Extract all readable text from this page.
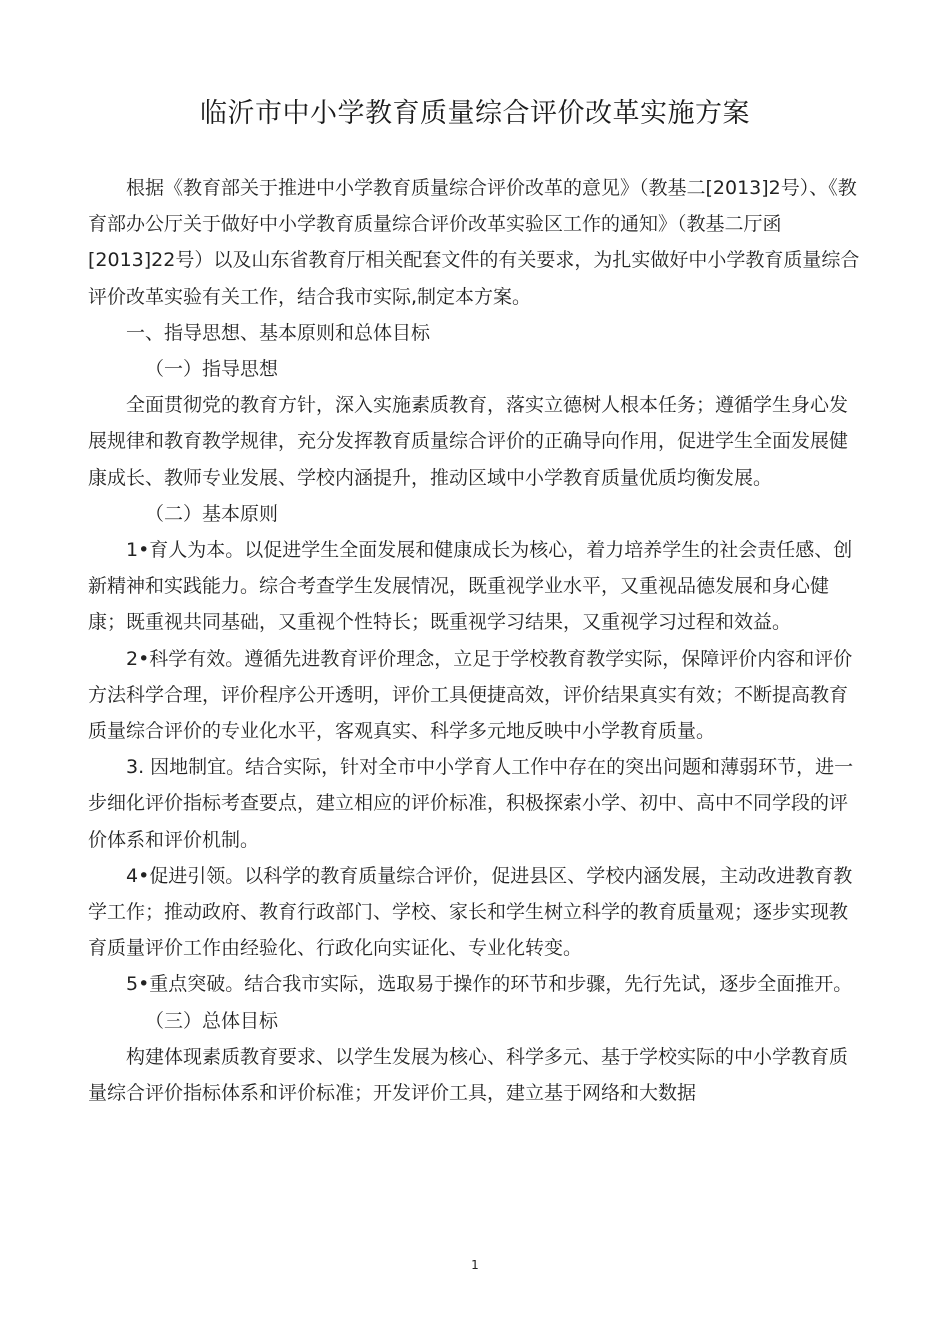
临沂市中小学教育质量综合评价改革实施方案

根据《教育部关于推进中小学教育质量综合评价改革的意见》（教基二[2013]2号）、《教育部办公厅关于做好中小学教育质量综合评价改革实验区工作的通知》（教基二厅函[2013]22号）以及山东省教育厅相关配套文件的有关要求，为扎实做好中小学教育质量综合评价改革实验有关工作，结合我市实际,制定本方案。

一、指导思想、基本原则和总体目标

（一）指导思想

全面贯彻党的教育方针，深入实施素质教育，落实立德树人根本任务；遵循学生身心发展规律和教育教学规律，充分发挥教育质量综合评价的正确导向作用，促进学生全面发展健康成长、教师专业发展、学校内涵提升，推动区域中小学教育质量优质均衡发展。

（二）基本原则

1•育人为本。以促进学生全面发展和健康成长为核心，着力培养学生的社会责任感、创新精神和实践能力。综合考查学生发展情况，既重视学业水平，又重视品德发展和身心健康；既重视共同基础，又重视个性特长；既重视学习结果，又重视学习过程和效益。

2•科学有效。遵循先进教育评价理念，立足于学校教育教学实际，保障评价内容和评价方法科学合理，评价程序公开透明，评价工具便捷高效，评价结果真实有效；不断提高教育质量综合评价的专业化水平，客观真实、科学多元地反映中小学教育质量。

3. 因地制宜。结合实际，针对全市中小学育人工作中存在的突出问题和薄弱环节，进一步细化评价指标考查要点，建立相应的评价标准，积极探索小学、初中、高中不同学段的评价体系和评价机制。

4•促进引领。以科学的教育质量综合评价，促进县区、学校内涵发展，主动改进教育教学工作；推动政府、教育行政部门、学校、家长和学生树立科学的教育质量观；逐步实现教育质量评价工作由经验化、行政化向实证化、专业化转变。

5•重点突破。结合我市实际，选取易于操作的环节和步骤，先行先试，逐步全面推开。

（三）总体目标

构建体现素质教育要求、以学生发展为核心、科学多元、基于学校实际的中小学教育质量综合评价指标体系和评价标准；开发评价工具，建立基于网络和大数据

1
